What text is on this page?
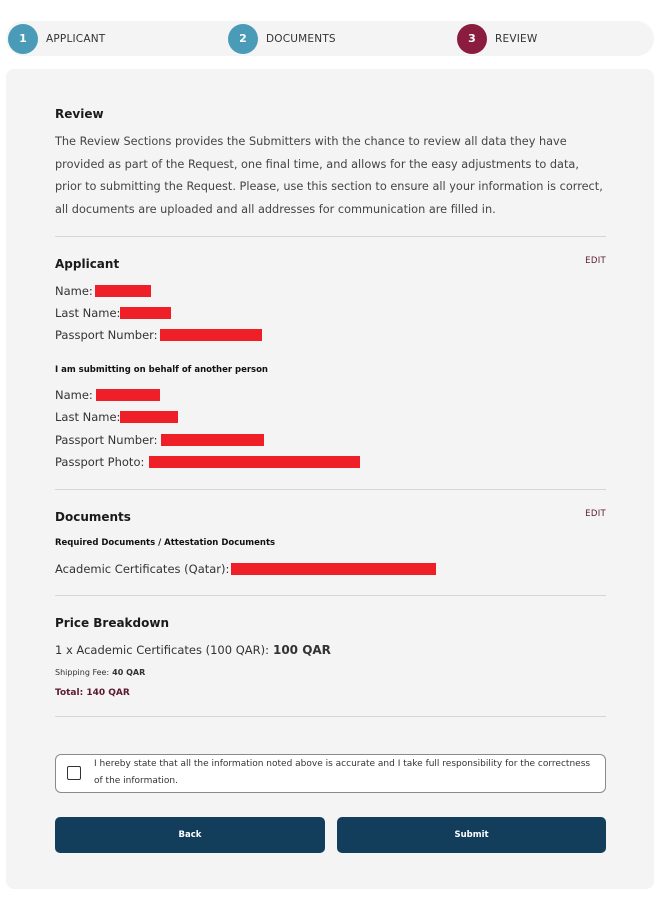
1	APPLICANT	2	DOCUMENTS	3	REVIEW
Review
The Review Sections provides the Submitters with the chance to review all data they have provided as part of the Request, one final time, and allows for the easy adjustments to data, prior to submitting the Request. Please, use this section to ensure all your information is correct, all documents are uploaded and all addresses for communication are filled in.
Applicant	EDIT
Name:
Last Name:
Passport Number:
I am submitting on behalf of another person
Name:
Last Name:
Passport Number:
Passport Photo:
Documents	EDIT
Required Documents / Attestation Documents
Academic Certificates (Qatar):
Price Breakdown
1 x Academic Certificates (100 QAR): 100 QAR
Shipping Fee: 40 QAR
Total: 140 QAR
I hereby state that all the information noted above is accurate and I take full responsibility for the correctness of the information.
Back	Submit
